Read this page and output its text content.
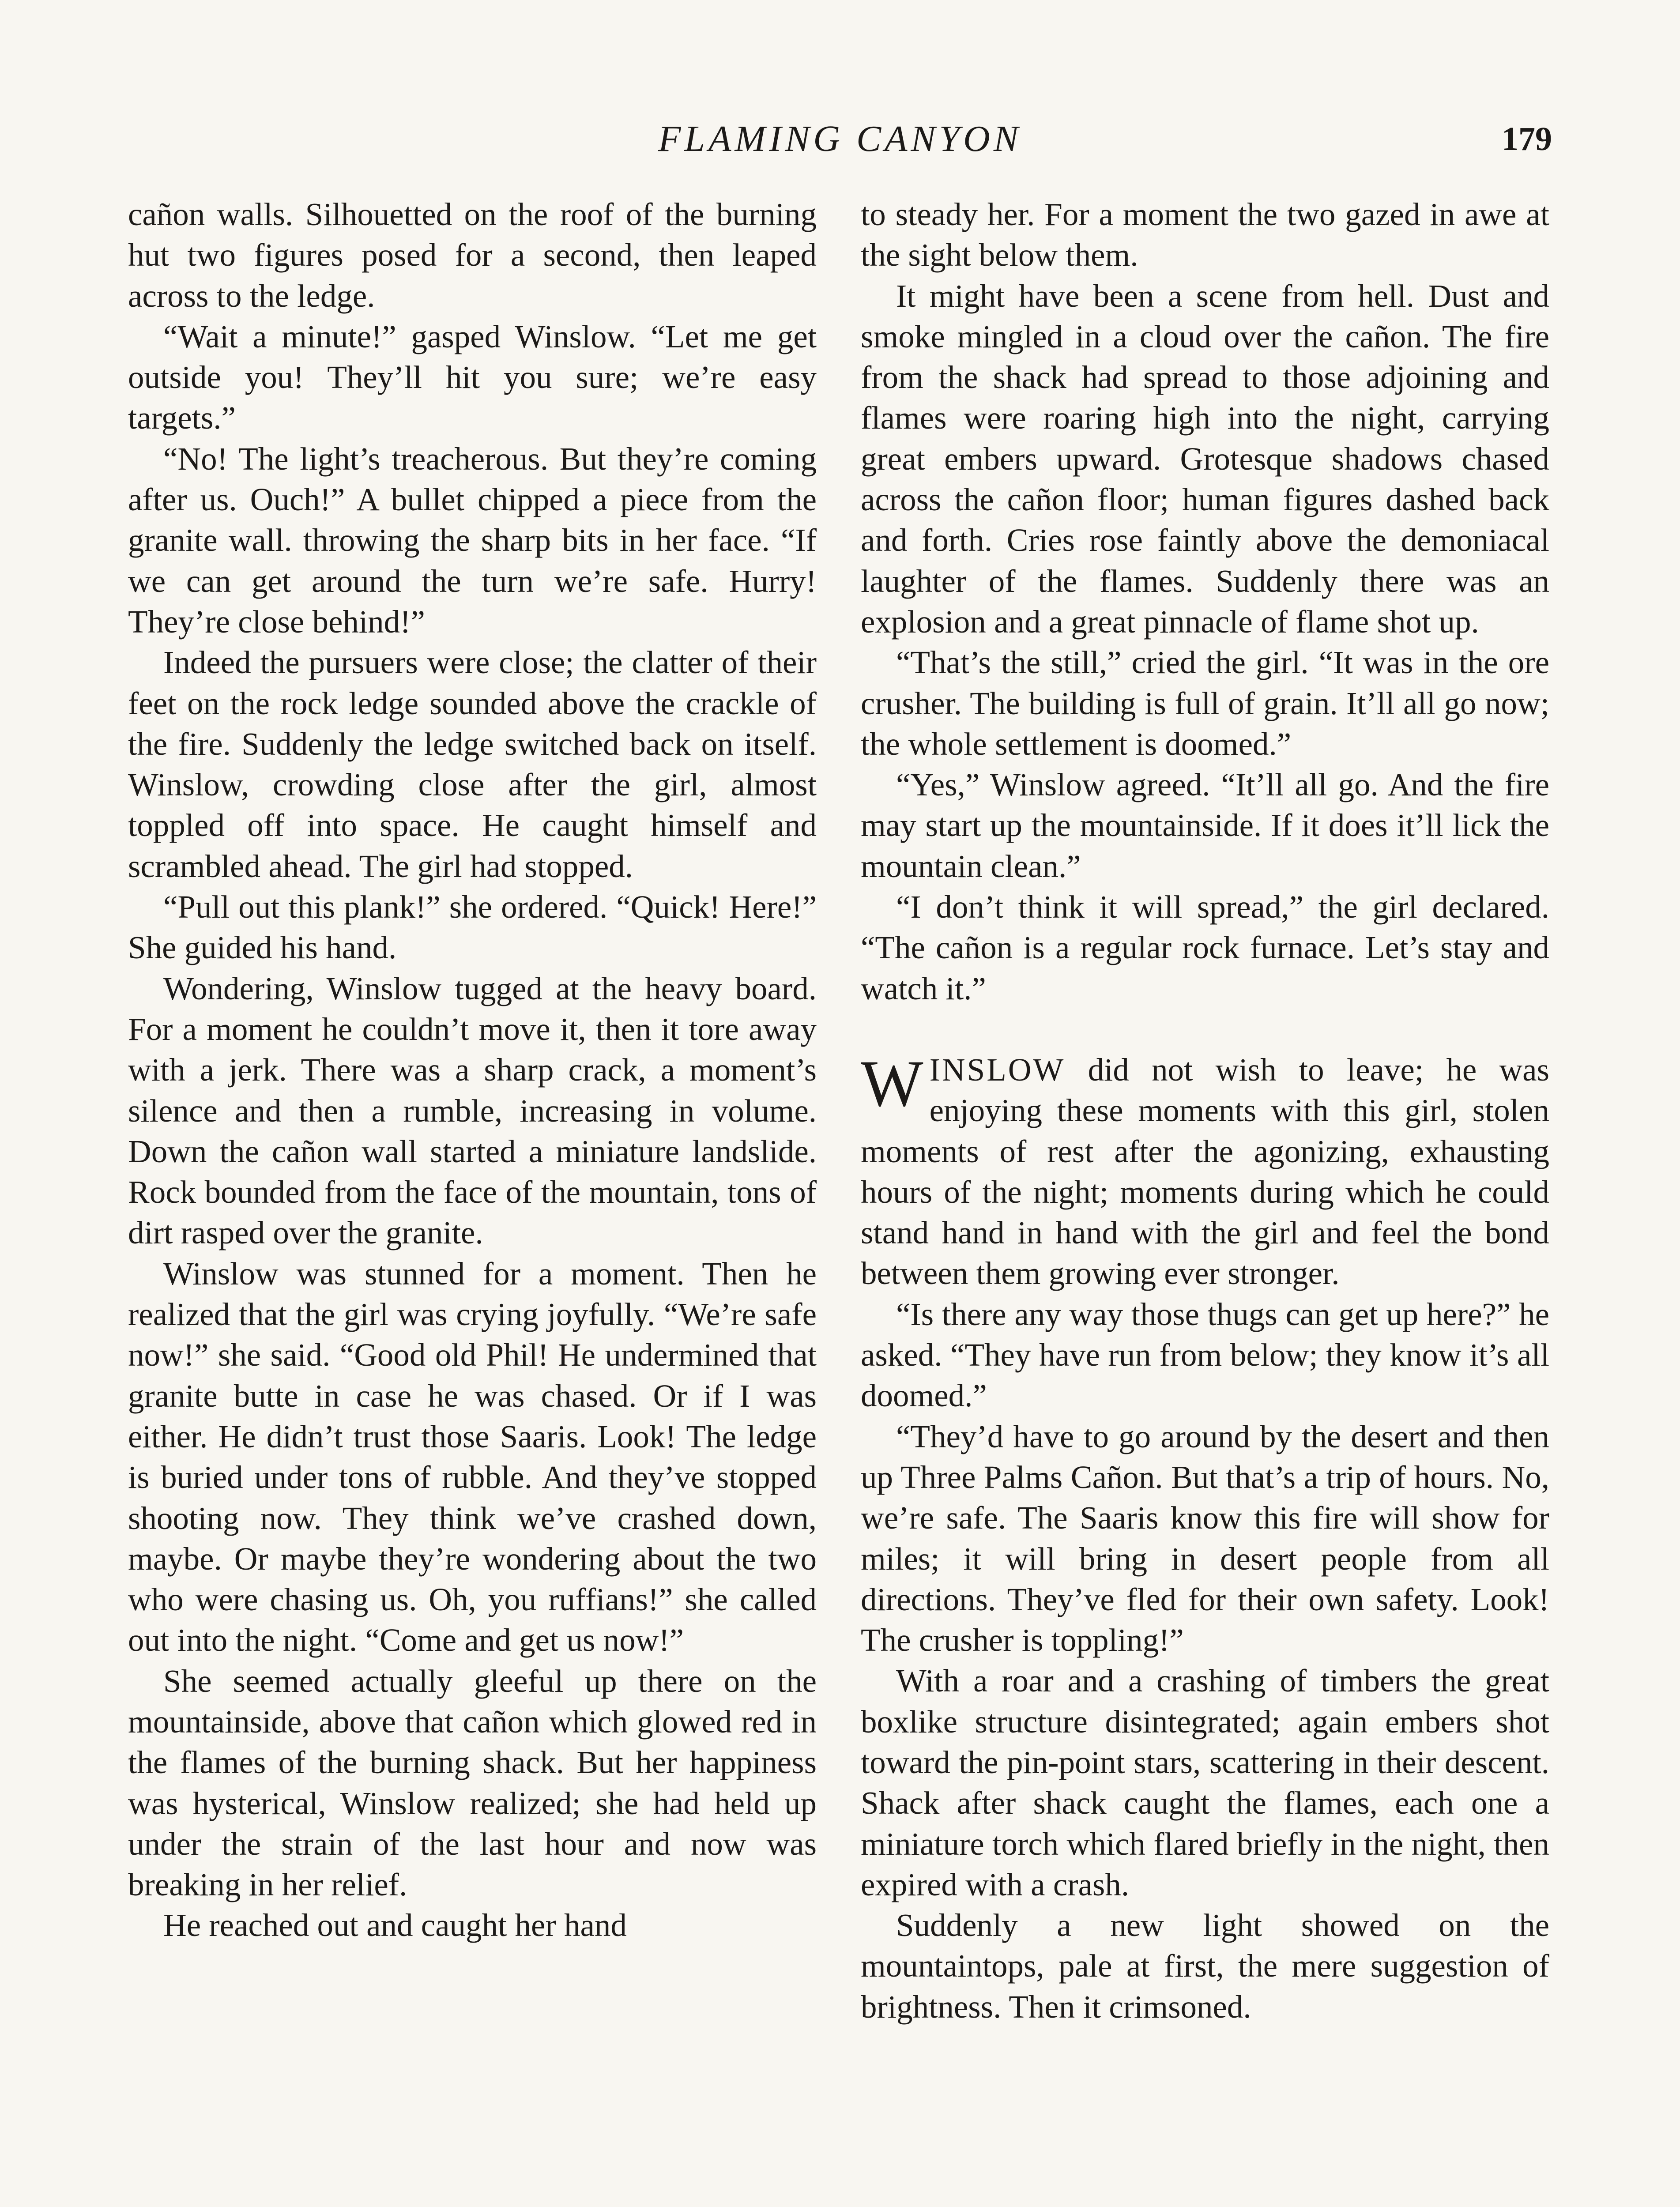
FLAMING CANYON	179

cañon walls. Silhouetted on the roof of the burning hut two figures posed for a second, then leaped across to the ledge.

“Wait a minute!” gasped Winslow. “Let me get outside you! They’ll hit you sure; we’re easy targets.”

“No! The light’s treacherous. But they’re coming after us. Ouch!” A bullet chipped a piece from the granite wall. throwing the sharp bits in her face. “If we can get around the turn we’re safe. Hurry! They’re close behind!”

Indeed the pursuers were close; the clatter of their feet on the rock ledge sounded above the crackle of the fire. Suddenly the ledge switched back on itself. Winslow, crowding close after the girl, almost toppled off into space. He caught himself and scrambled ahead. The girl had stopped.

“Pull out this plank!” she ordered. “Quick! Here!” She guided his hand.

Wondering, Winslow tugged at the heavy board. For a moment he couldn’t move it, then it tore away with a jerk. There was a sharp crack, a moment’s silence and then a rumble, increasing in volume. Down the cañon wall started a miniature landslide. Rock bounded from the face of the mountain, tons of dirt rasped over the granite.

Winslow was stunned for a moment. Then he realized that the girl was crying joyfully. “We’re safe now!” she said. “Good old Phil! He undermined that granite butte in case he was chased. Or if I was either. He didn’t trust those Saaris. Look! The ledge is buried under tons of rubble. And they’ve stopped shooting now. They think we’ve crashed down, maybe. Or maybe they’re wondering about the two who were chasing us. Oh, you ruffians!” she called out into the night. “Come and get us now!”

She seemed actually gleeful up there on the mountainside, above that cañon which glowed red in the flames of the burning shack. But her happiness was hysterical, Winslow realized; she had held up under the strain of the last hour and now was breaking in her relief.

He reached out and caught her hand

to steady her. For a moment the two gazed in awe at the sight below them.

It might have been a scene from hell. Dust and smoke mingled in a cloud over the cañon. The fire from the shack had spread to those adjoining and flames were roaring high into the night, carrying great embers upward. Grotesque shadows chased across the cañon floor; human figures dashed back and forth. Cries rose faintly above the demoniacal laughter of the flames. Suddenly there was an explosion and a great pinnacle of flame shot up.

“That’s the still,” cried the girl. “It was in the ore crusher. The building is full of grain. It’ll all go now; the whole settlement is doomed.”

“Yes,” Winslow agreed. “It’ll all go. And the fire may start up the mountainside. If it does it’ll lick the mountain clean.”

“I don’t think it will spread,” the girl declared. “The cañon is a regular rock furnace. Let’s stay and watch it.”

WINSLOW did not wish to leave; he was enjoying these moments with this girl, stolen moments of rest after the agonizing, exhausting hours of the night; moments during which he could stand hand in hand with the girl and feel the bond between them growing ever stronger.

“Is there any way those thugs can get up here?” he asked. “They have run from below; they know it’s all doomed.”

“They’d have to go around by the desert and then up Three Palms Cañon. But that’s a trip of hours. No, we’re safe. The Saaris know this fire will show for miles; it will bring in desert people from all directions. They’ve fled for their own safety. Look! The crusher is toppling!”

With a roar and a crashing of timbers the great boxlike structure disintegrated; again embers shot toward the pin-point stars, scattering in their descent. Shack after shack caught the flames, each one a miniature torch which flared briefly in the night, then expired with a crash.

Suddenly a new light showed on the mountaintops, pale at first, the mere suggestion of brightness. Then it crimsoned.
